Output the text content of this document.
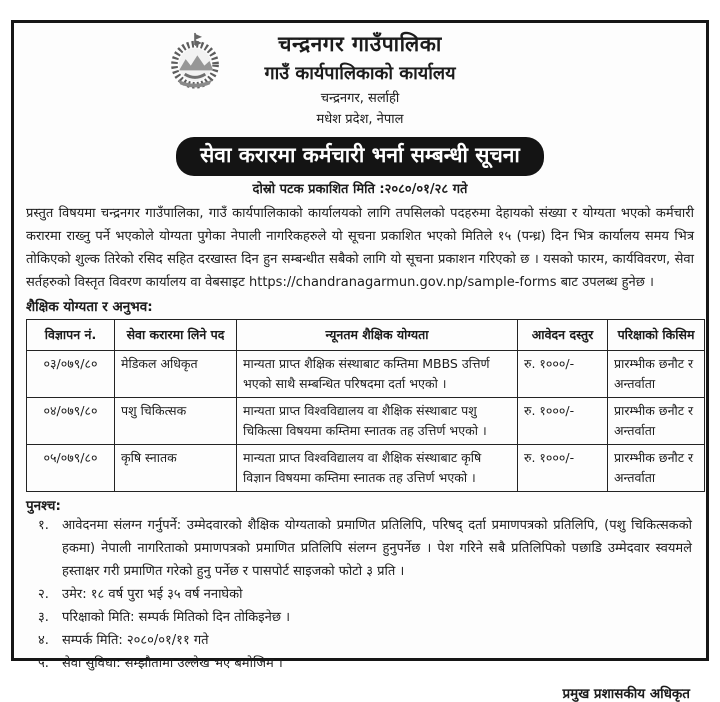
चन्द्रनगर गाउँपालिका
गाउँ कार्यपालिकाको कार्यालय
चन्द्रनगर, सर्लाही
मधेश प्रदेश, नेपाल
सेवा करारमा कर्मचारी भर्ना सम्बन्धी सूचना
दोस्रो पटक प्रकाशित मिति :२०८०/०१/२८ गते
प्रस्तुत विषयमा चन्द्रनगर गाउँपालिका, गाउँ कार्यपालिकाको कार्यालयको लागि तपसिलको पदहरुमा देहायको संख्या र योग्यता भएको कर्मचारी करारमा राख्नु पर्ने भएकोले योग्यता पुगेका नेपाली नागरिकहरुले यो सूचना प्रकाशित भएको मितिले १५ (पन्ध्र) दिन भित्र कार्यालय समय भित्र तोकिएको शुल्क तिरेको रसिद सहित दरखास्त दिन हुन सम्बन्धीत सबैको लागि यो सूचना प्रकाशन गरिएको छ । यसको फारम, कार्यविवरण, सेवा सर्तहरुको विस्तृत विवरण कार्यालय वा वेबसाइट https://chandranagarmun.gov.np/sample-forms बाट उपलब्ध हुनेछ ।
शैक्षिक योग्यता र अनुभव:
विज्ञापन नं.	सेवा करारमा लिने पद	न्यूनतम शैक्षिक योग्यता	आवेदन दस्तुर	परिक्षाको किसिम
०३/०७९/८०	मेडिकल अधिकृत	मान्यता प्राप्त शैक्षिक संस्थाबाट कम्तिमा MBBS उत्तिर्ण भएको साथै सम्बन्धित परिषदमा दर्ता भएको ।	रु. १०००/-	प्रारम्भीक छनौट र अन्तर्वाता
०४/०७९/८०	पशु चिकित्सक	मान्यता प्राप्त विश्वविद्यालय वा शैक्षिक संस्थाबाट पशु चिकित्सा विषयमा कम्तिमा स्नातक तह उत्तिर्ण भएको ।	रु. १०००/-	प्रारम्भीक छनौट र अन्तर्वाता
०५/०७९/८०	कृषि स्नातक	मान्यता प्राप्त विश्वविद्यालय वा शैक्षिक संस्थाबाट कृषि विज्ञान विषयमा कम्तिमा स्नातक तह उत्तिर्ण भएको ।	रु. १०००/-	प्रारम्भीक छनौट र अन्तर्वाता
पुनश्च:
१.	आवेदनमा संलग्न गर्नुपर्ने: उम्मेदवारको शैक्षिक योग्यताको प्रमाणित प्रतिलिपि, परिषद् दर्ता प्रमाणपत्रको प्रतिलिपि, (पशु चिकित्सकको हकमा) नेपाली नागरिताको प्रमाणपत्रको प्रमाणित प्रतिलिपि संलग्न हुनुपर्नेछ । पेश गरिने सबै प्रतिलिपिको पछाडि उम्मेदवार स्वयमले हस्ताक्षर गरी प्रमाणित गरेको हुनु पर्नेछ र पासपोर्ट साइजको फोटो ३ प्रति ।
२.	उमेर: १८ वर्ष पुरा भई ३५ वर्ष ननाघेको
३.	परिक्षाको मिति: सम्पर्क मितिको दिन तोकिइनेछ ।
४.	सम्पर्क मिति: २०८०/०१/११ गते
५.	सेवा सुविधा: सम्झौतामा उल्लेख भए बमोजिम ।
प्रमुख प्रशासकीय अधिकृत
